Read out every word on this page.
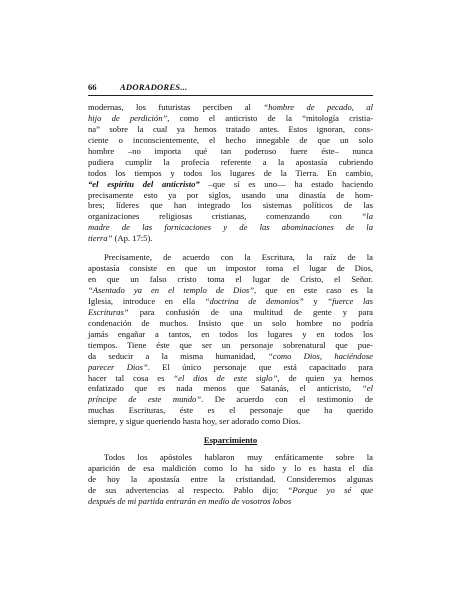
66	ADORADORES...
modernas, los futuristas perciben al “hombre de pecado, al
hijo de perdición”, como el anticristo de la “mitología cristia-
na” sobre la cual ya hemos tratado antes. Estos ignoran, cons-
ciente o inconscientemente, el hecho innegable de que un solo
hombre –no importa qué tan poderoso fuere éste– nunca
pudiera cumplir la profecía referente a la apostasía cubriendo
todos los tiempos y todos los lugares de la Tierra. En cambio,
“el espíritu del anticristo” –que sí es uno— ha estado haciendo
precisamente esto ya por siglos, usando una dinastía de hom-
bres; líderes que han integrado los sistemas políticos de las
organizaciones religiosas cristianas, comenzando con “la
madre de las fornicaciones y de las abominaciones de la
tierra” (Ap. 17:5).
Precisamente, de acuerdo con la Escritura, la raíz de la
apostasía consiste en que un impostor toma el lugar de Dios,
en que un falso cristo toma el lugar de Cristo, el Señor.
“Asentado ya en el templo de Dios”, que en este caso es la
Iglesia, introduce en ella “doctrina de demonios” y “fuerce las
Escrituras” para confusión de una multitud de gente y para
condenación de muchos. Insisto que un solo hombre no podría
jamás engañar a tantos, en todos los lugares y en todos los
tiempos. Tiene éste que ser un personaje sobrenatural que pue-
da seducir a la misma humanidad, “como Dios, haciéndose
parecer Dios”. El único personaje que está capacitado para
hacer tal cosa es “el dios de este siglo”, de quien ya hemos
enfatizado que es nada menos que Satanás, el anticristo, “el
príncipe de este mundo”. De acuerdo con el testimonio de
muchas Escrituras, éste es el personaje que ha querido
siempre, y sigue queriendo hasta hoy, ser adorado como Dios.
Esparcimiento
Todos los apóstoles hablaron muy enfáticamente sobre la
aparición de esa maldición como lo ha sido y lo es hasta el día
de hoy la apostasía entre la cristiandad. Consideremos algunas
de sus advertencias al respecto. Pablo dijo: “Porque yo sé que
después de mi partida entrarán en medio de vosotros lobos
